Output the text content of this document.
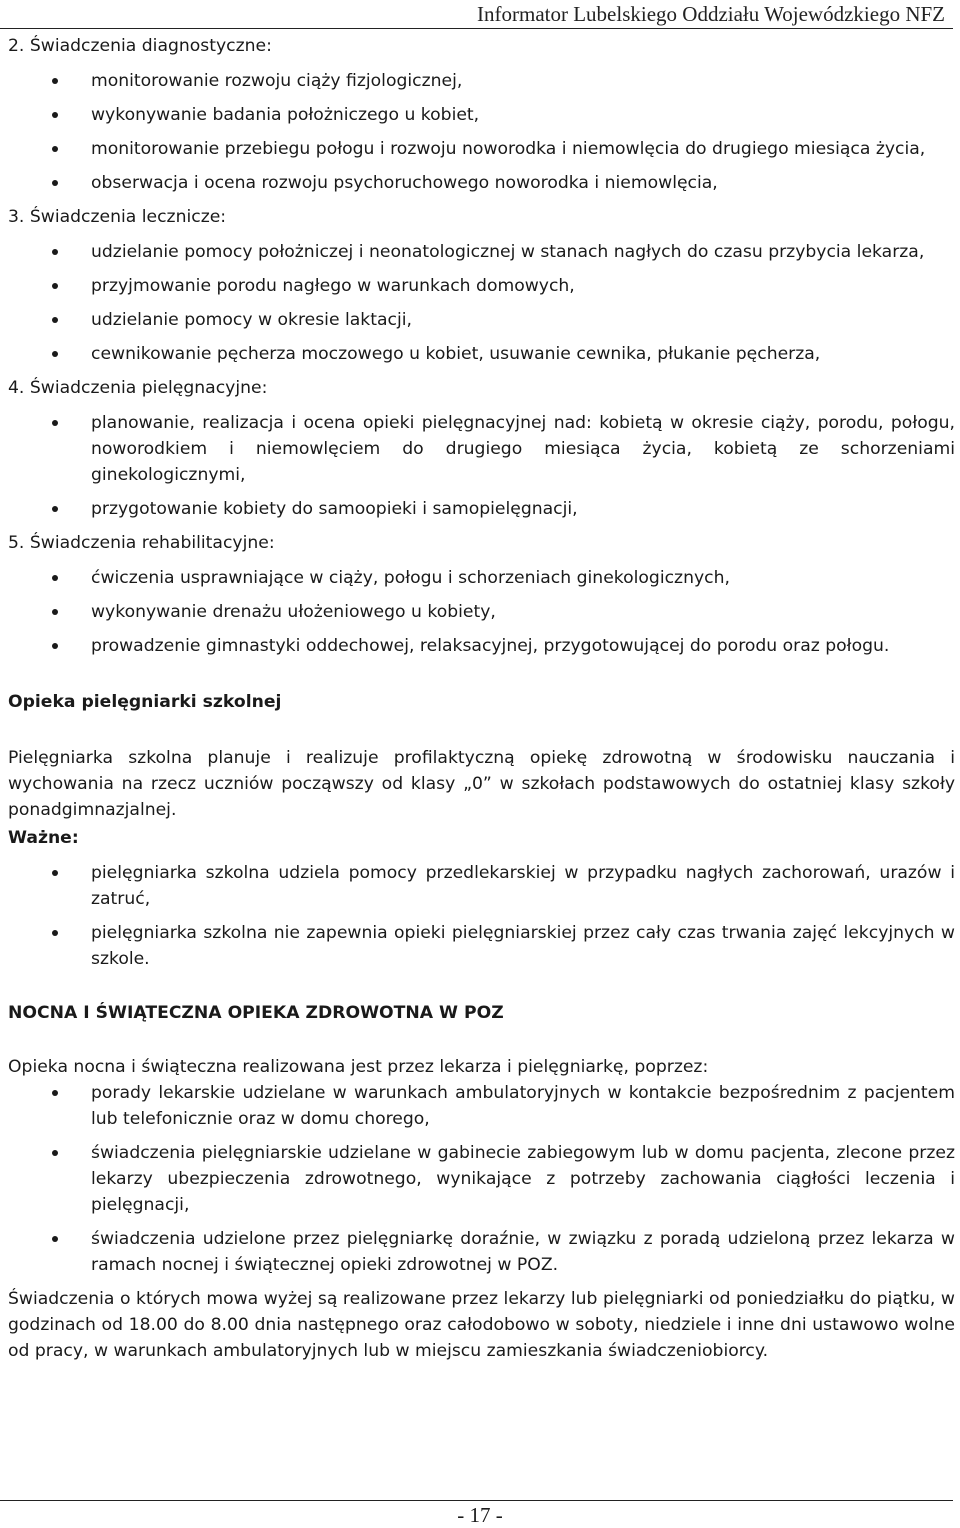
Informator Lubelskiego Oddziału Wojewódzkiego NFZ
2. Świadczenia diagnostyczne:
monitorowanie rozwoju ciąży fizjologicznej,
wykonywanie badania położniczego u kobiet,
monitorowanie przebiegu połogu i rozwoju noworodka i niemowlęcia do drugiego miesiąca życia,
obserwacja i ocena rozwoju psychoruchowego noworodka i niemowlęcia,
3. Świadczenia lecznicze:
udzielanie pomocy położniczej i neonatologicznej w stanach nagłych do czasu przybycia lekarza,
przyjmowanie porodu nagłego w warunkach domowych,
udzielanie pomocy w okresie laktacji,
cewnikowanie pęcherza moczowego u kobiet, usuwanie cewnika, płukanie pęcherza,
4. Świadczenia pielęgnacyjne:
planowanie, realizacja i ocena opieki pielęgnacyjnej nad: kobietą w okresie ciąży, porodu, połogu, noworodkiem i niemowlęciem do drugiego miesiąca życia, kobietą ze schorzeniami ginekologicznymi,
przygotowanie kobiety do samoopieki i samopielęgnacji,
5. Świadczenia rehabilitacyjne:
ćwiczenia usprawniające w ciąży, połogu i schorzeniach ginekologicznych,
wykonywanie drenażu ułożeniowego u kobiety,
prowadzenie gimnastyki oddechowej, relaksacyjnej, przygotowującej do porodu oraz połogu.
Opieka pielęgniarki szkolnej

Pielęgniarka szkolna planuje i realizuje profilaktyczną opiekę zdrowotną w środowisku nauczania i wychowania na rzecz uczniów począwszy od klasy „0” w szkołach podstawowych do ostatniej klasy szkoły ponadgimnazjalnej.

Ważne:
pielęgniarka szkolna udziela pomocy przedlekarskiej w przypadku nagłych zachorowań, urazów i zatruć,
pielęgniarka szkolna nie zapewnia opieki pielęgniarskiej przez cały czas trwania zajęć lekcyjnych w szkole.
NOCNA I ŚWIĄTECZNA OPIEKA ZDROWOTNA W POZ

Opieka nocna i świąteczna realizowana jest przez lekarza i pielęgniarkę, poprzez:

porady lekarskie udzielane w warunkach ambulatoryjnych w kontakcie bezpośrednim z pacjentem lub telefonicznie oraz w domu chorego,
świadczenia pielęgniarskie udzielane w gabinecie zabiegowym lub w domu pacjenta, zlecone przez lekarzy ubezpieczenia zdrowotnego, wynikające z potrzeby zachowania ciągłości leczenia i pielęgnacji,
świadczenia udzielone przez pielęgniarkę doraźnie, w związku z poradą udzieloną przez lekarza w ramach nocnej i świątecznej opieki zdrowotnej w POZ.

Świadczenia o których mowa wyżej są realizowane przez lekarzy lub pielęgniarki od poniedziałku do piątku, w godzinach od 18.00 do 8.00 dnia następnego oraz całodobowo w soboty, niedziele i inne dni ustawowo wolne od pracy, w warunkach ambulatoryjnych lub w miejscu zamieszkania świadczeniobiorcy.

- 17 -
